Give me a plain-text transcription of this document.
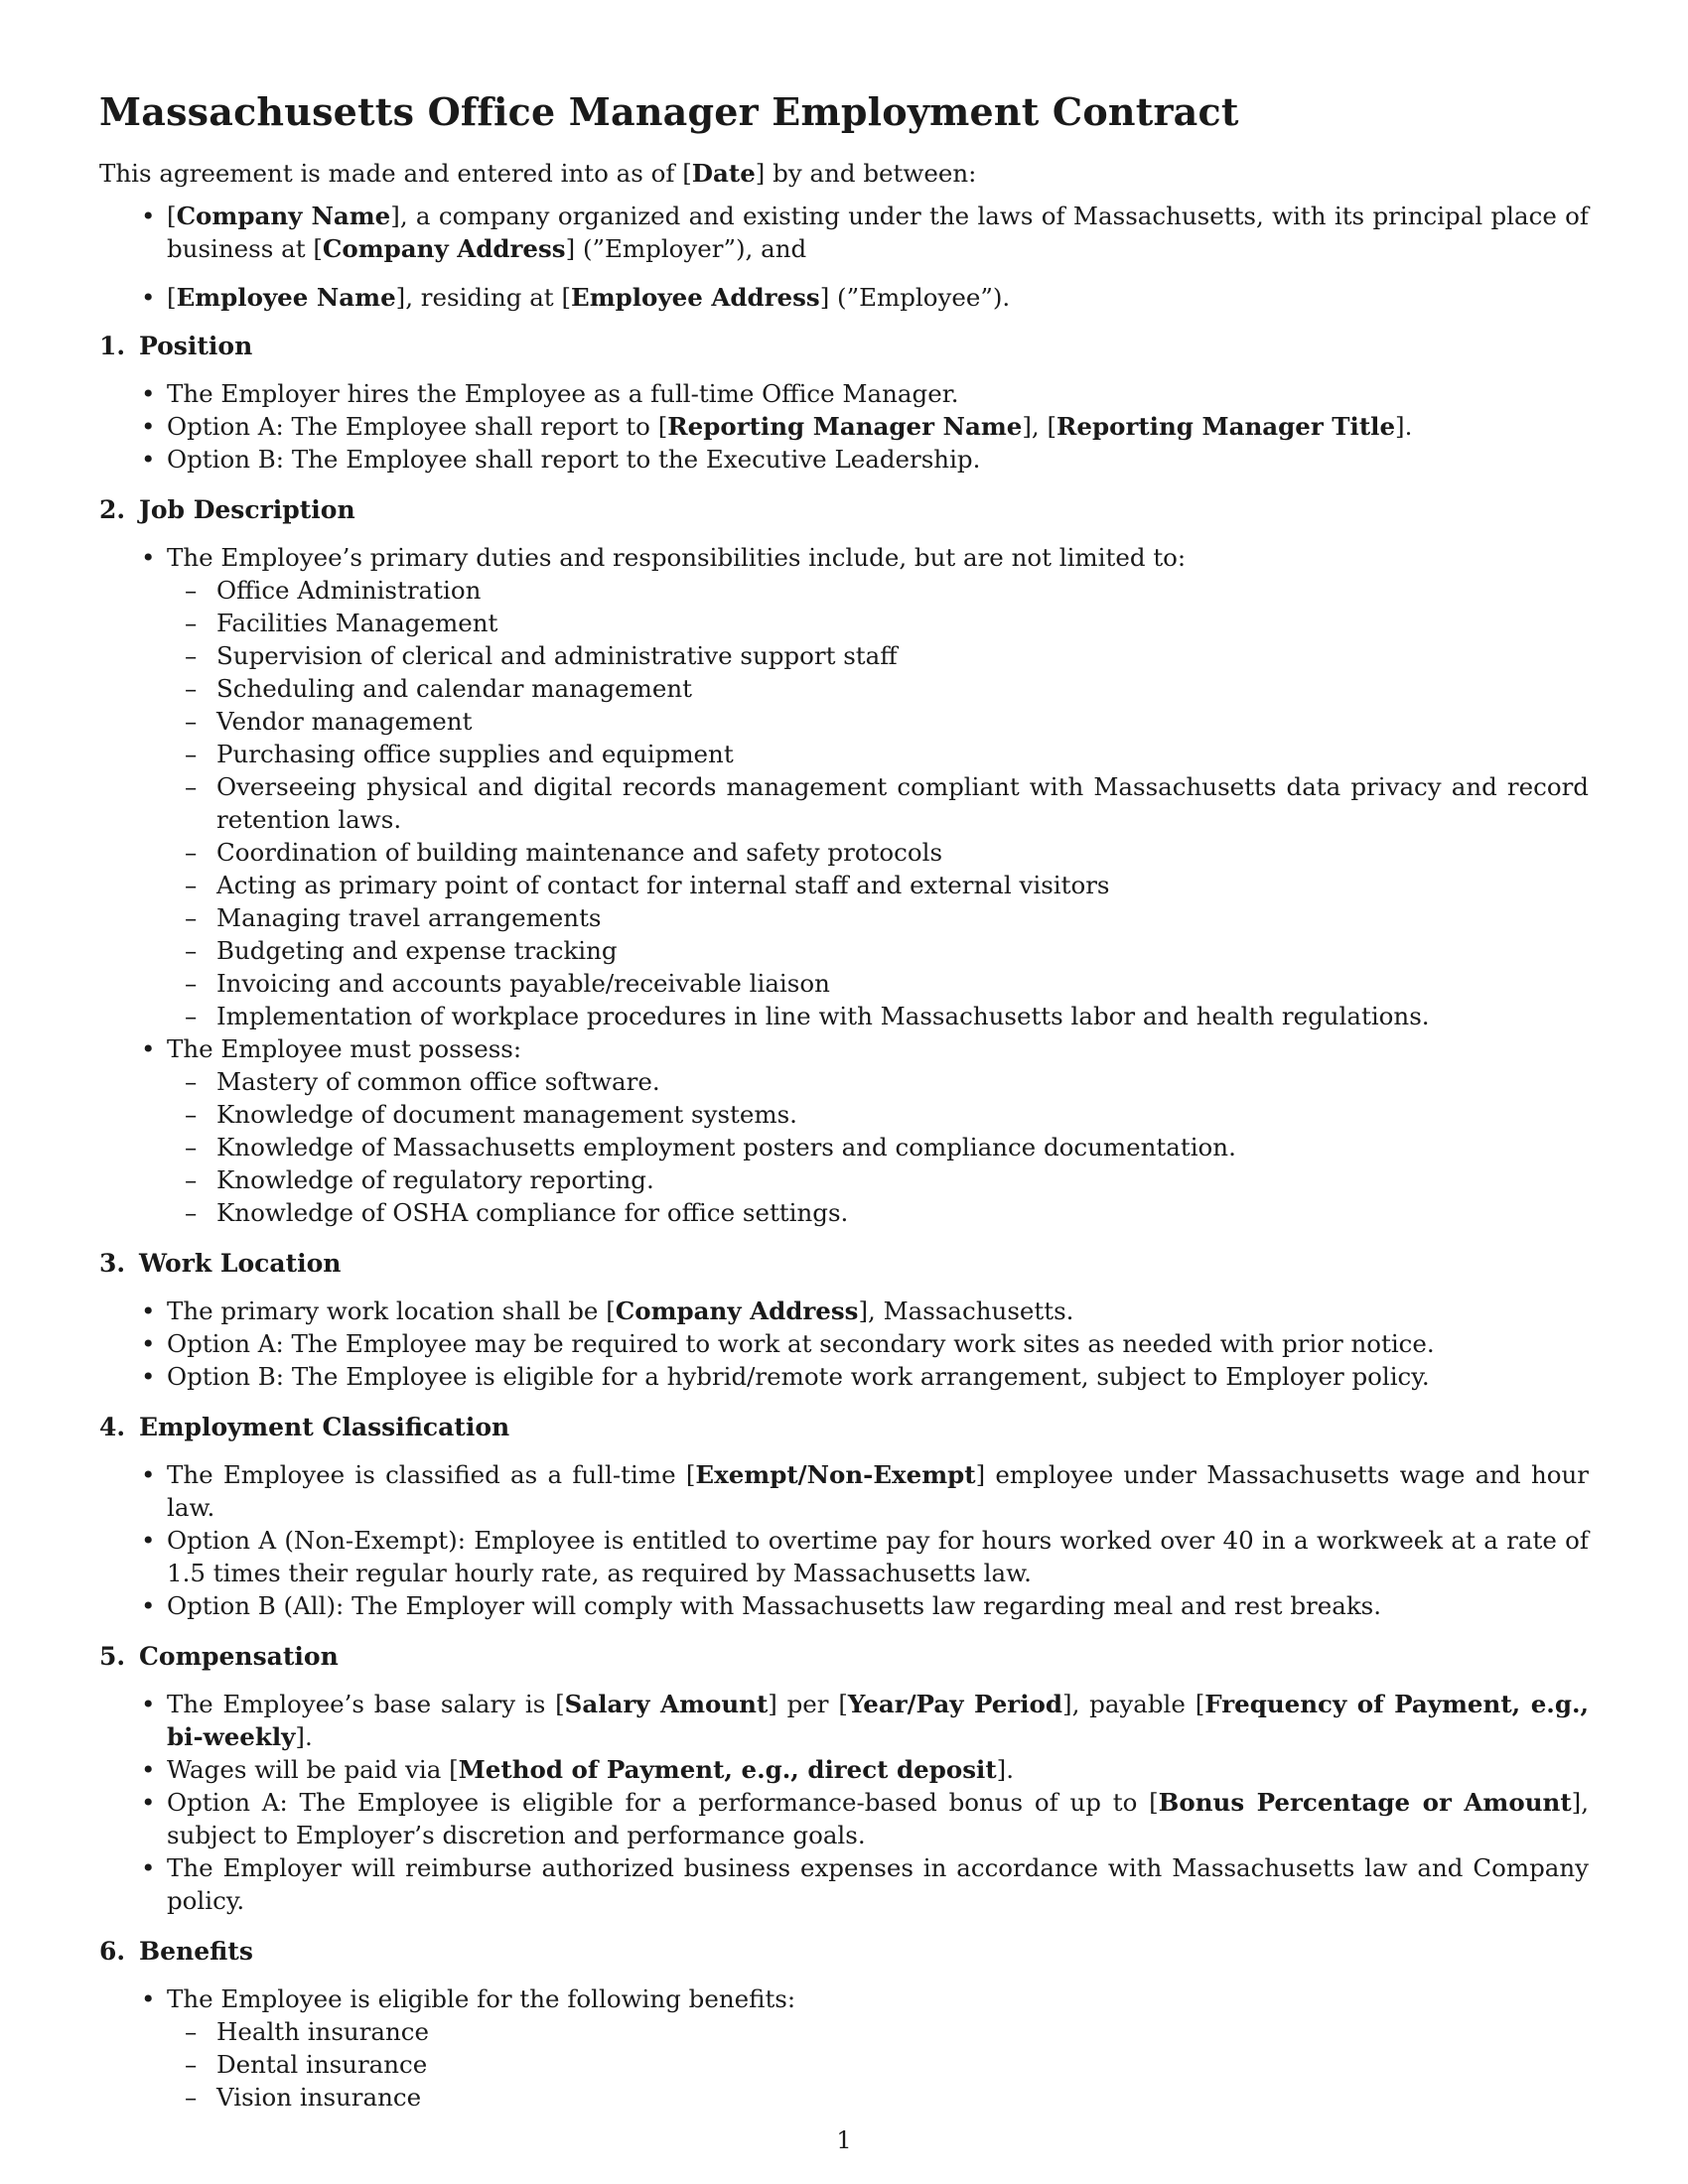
Massachusetts Office Manager Employment Contract

This agreement is made and entered into as of [Date] by and between:

• [Company Name], a company organized and existing under the laws of Massachusetts, with its principal place of business at [Company Address] (”Employer”), and
• [Employee Name], residing at [Employee Address] (”Employee”).
1. Position
• The Employer hires the Employee as a full-time Office Manager.
• Option A: The Employee shall report to [Reporting Manager Name], [Reporting Manager Title].
• Option B: The Employee shall report to the Executive Leadership.
2. Job Description
• The Employee’s primary duties and responsibilities include, but are not limited to:
– Office Administration
– Facilities Management
– Supervision of clerical and administrative support staff
– Scheduling and calendar management
– Vendor management
– Purchasing office supplies and equipment
– Overseeing physical and digital records management compliant with Massachusetts data privacy and record retention laws.
– Coordination of building maintenance and safety protocols
– Acting as primary point of contact for internal staff and external visitors
– Managing travel arrangements
– Budgeting and expense tracking
– Invoicing and accounts payable/receivable liaison
– Implementation of workplace procedures in line with Massachusetts labor and health regulations.
• The Employee must possess:
– Mastery of common office software.
– Knowledge of document management systems.
– Knowledge of Massachusetts employment posters and compliance documentation.
– Knowledge of regulatory reporting.
– Knowledge of OSHA compliance for office settings.
3. Work Location
• The primary work location shall be [Company Address], Massachusetts.
• Option A: The Employee may be required to work at secondary work sites as needed with prior notice.
• Option B: The Employee is eligible for a hybrid/remote work arrangement, subject to Employer policy.
4. Employment Classification
• The Employee is classified as a full-time [Exempt/Non-Exempt] employee under Massachusetts wage and hour law.
• Option A (Non-Exempt): Employee is entitled to overtime pay for hours worked over 40 in a workweek at a rate of 1.5 times their regular hourly rate, as required by Massachusetts law.
• Option B (All): The Employer will comply with Massachusetts law regarding meal and rest breaks.
5. Compensation
• The Employee’s base salary is [Salary Amount] per [Year/Pay Period], payable [Frequency of Payment, e.g., bi-weekly].
• Wages will be paid via [Method of Payment, e.g., direct deposit].
• Option A: The Employee is eligible for a performance-based bonus of up to [Bonus Percentage or Amount], subject to Employer’s discretion and performance goals.
• The Employer will reimburse authorized business expenses in accordance with Massachusetts law and Company policy.
6. Benefits
• The Employee is eligible for the following benefits:
– Health insurance
– Dental insurance
– Vision insurance
1
